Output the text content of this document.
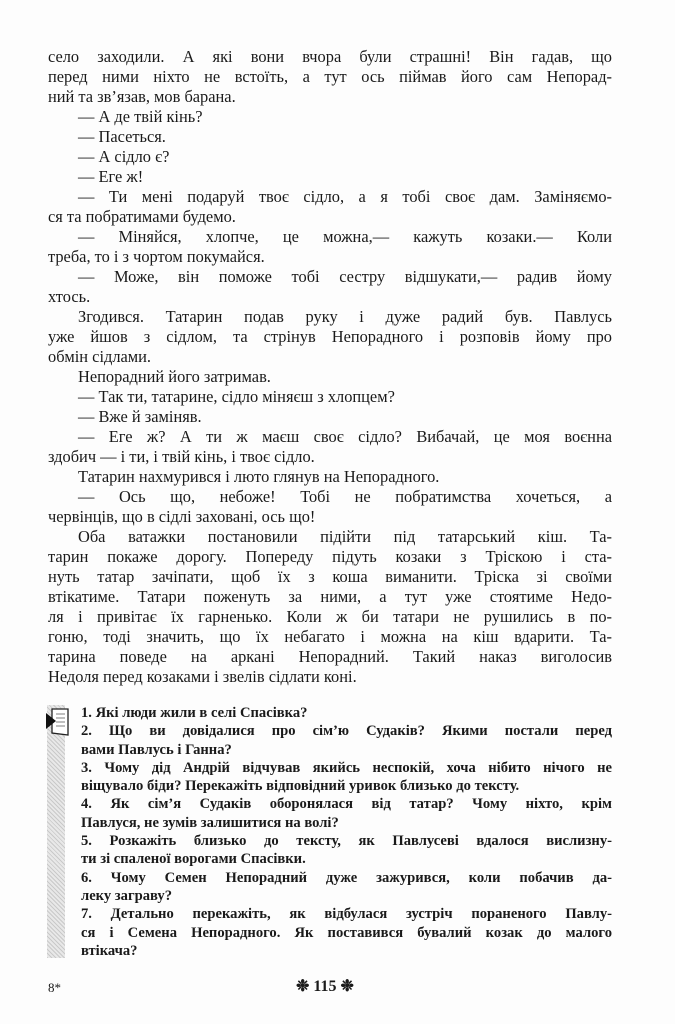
село заходили. А які вони вчора були страшні! Він гадав, що
перед ними ніхто не встоїть, а тут ось піймав його сам Непорад-
ний та зв’язав, мов барана.
— А де твій кінь?
— Пасеться.
— А сідло є?
— Еге ж!
— Ти мені подаруй твоє сідло, а я тобі своє дам. Заміняємо-
ся та побратимами будемо.
— Міняйся, хлопче, це можна,— кажуть козаки.— Коли
треба, то і з чортом покумайся.
— Може, він поможе тобі сестру відшукати,— радив йому
хтось.
Згодився. Татарин подав руку і дуже радий був. Павлусь
уже йшов з сідлом, та стрінув Непорадного і розповів йому про
обмін сідлами.
Непорадний його затримав.
— Так ти, татарине, сідло міняєш з хлопцем?
— Вже й заміняв.
— Еге ж? А ти ж маєш своє сідло? Вибачай, це моя воєнна
здобич — і ти, і твій кінь, і твоє сідло.
Татарин нахмурився і люто глянув на Непорадного.
— Ось що, небоже! Тобі не побратимства хочеться, а
червінців, що в сідлі заховані, ось що!
Оба ватажки постановили підійти під татарський кіш. Та-
тарин покаже дорогу. Попереду підуть козаки з Тріскою і ста-
нуть татар зачіпати, щоб їх з коша виманити. Тріска зі своїми
втікатиме. Татари поженуть за ними, а тут уже стоятиме Недо-
ля і привітає їх гарненько. Коли ж би татари не рушились в по-
гоню, тоді значить, що їх небагато і можна на кіш вдарити. Та-
тарина поведе на аркані Непорадний. Такий наказ виголосив
Недоля перед козаками і звелів сідлати коні.
1. Які люди жили в селі Спасівка?
2. Що ви довідалися про сім’ю Судаків? Якими постали перед
вами Павлусь і Ганна?
3. Чому дід Андрій відчував якийсь неспокій, хоча нібито нічого не
віщувало біди? Перекажіть відповідний уривок близько до тексту.
4. Як сім’я Судаків оборонялася від татар? Чому ніхто, крім
Павлуся, не зумів залишитися на волі?
5. Розкажіть близько до тексту, як Павлусеві вдалося вислизну-
ти зі спаленої ворогами Спасівки.
6. Чому Семен Непорадний дуже зажурився, коли побачив да-
леку заграву?
7. Детально перекажіть, як відбулася зустріч пораненого Павлу-
ся і Семена Непорадного. Як поставився бувалий козак до малого
втікача?
8*	❉ 115 ❉
